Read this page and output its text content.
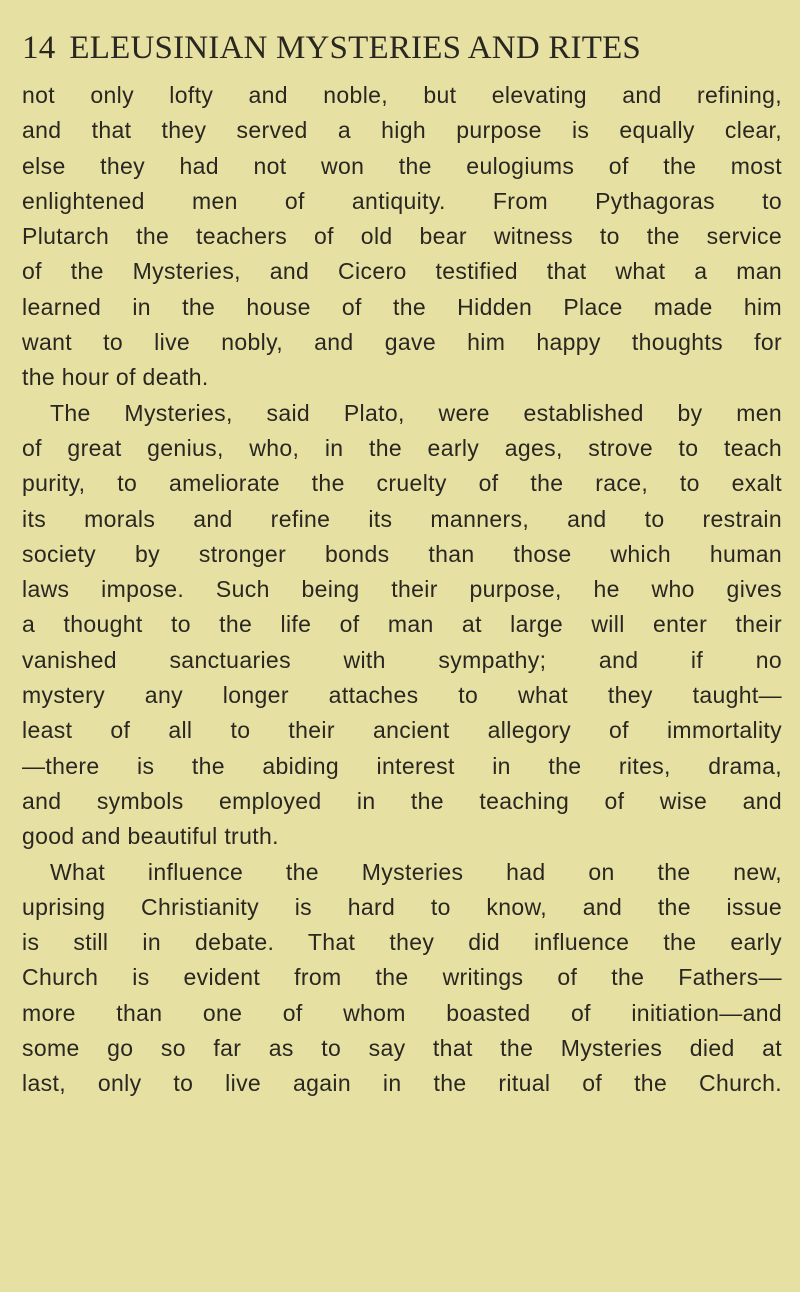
14 ELEUSINIAN MYSTERIES AND RITES

not only lofty and noble, but elevating and refining,
and that they served a high purpose is equally clear,
else they had not won the eulogiums of the most
enlightened men of antiquity. From Pythagoras to
Plutarch the teachers of old bear witness to the service
of the Mysteries, and Cicero testified that what a man
learned in the house of the Hidden Place made him
want to live nobly, and gave him happy thoughts for
the hour of death.

The Mysteries, said Plato, were established by men
of great genius, who, in the early ages, strove to teach
purity, to ameliorate the cruelty of the race, to exalt
its morals and refine its manners, and to restrain
society by stronger bonds than those which human
laws impose. Such being their purpose, he who gives
a thought to the life of man at large will enter their
vanished sanctuaries with sympathy; and if no
mystery any longer attaches to what they taught—
least of all to their ancient allegory of immortality
—there is the abiding interest in the rites, drama,
and symbols employed in the teaching of wise and
good and beautiful truth.

What influence the Mysteries had on the new,
uprising Christianity is hard to know, and the issue
is still in debate. That they did influence the early
Church is evident from the writings of the Fathers—
more than one of whom boasted of initiation—and
some go so far as to say that the Mysteries died at
last, only to live again in the ritual of the Church.
